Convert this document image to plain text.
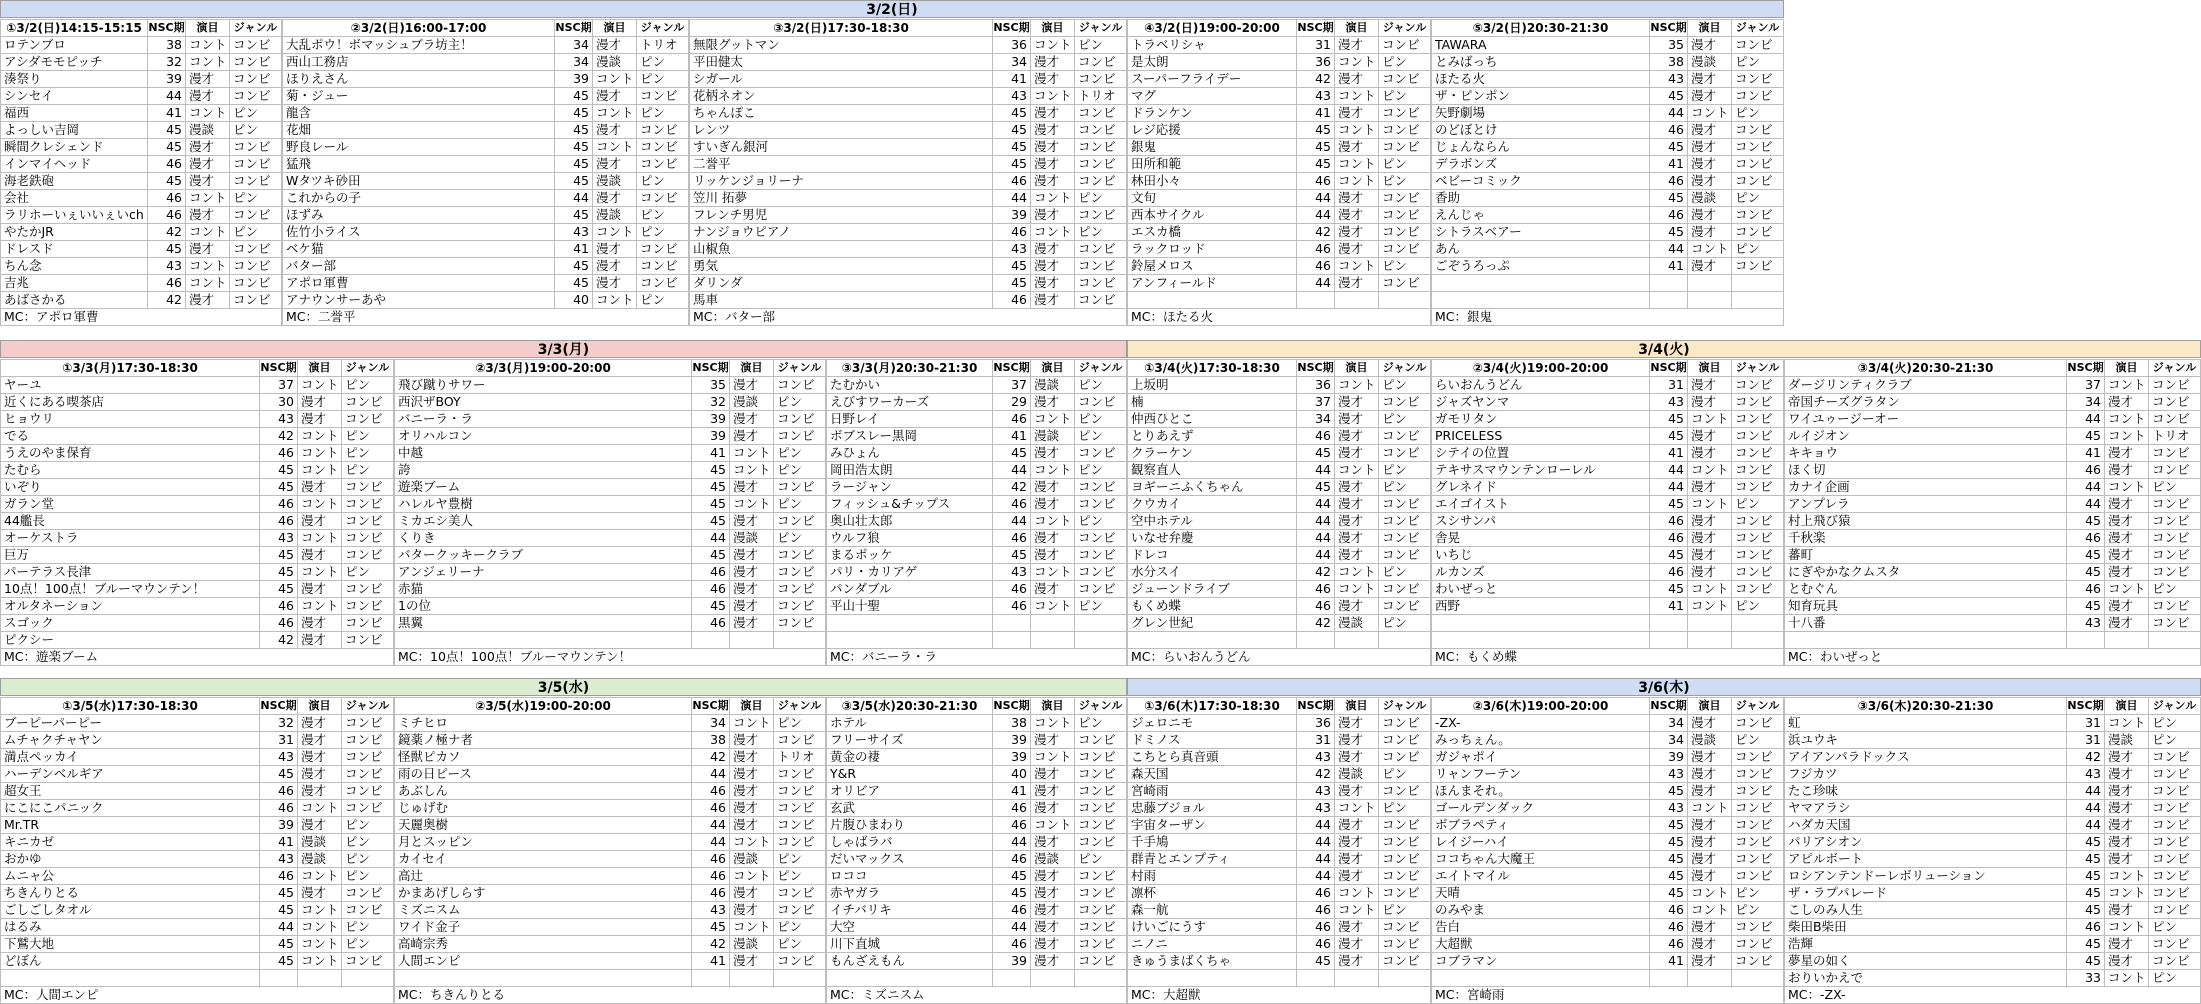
3/2(日)
3/3(月)	3/4(火)
3/5(水)	3/6(木)
①3/2(日)14:15-15:15	NSC期	演目	ジャンル
ロテンブロ	38	コント	コンビ
アシダモモピッチ	32	コント	コンビ
湊祭り	39	漫才	コンビ
シンセイ	44	漫才	コンビ
福西	41	コント	ピン
よっしい吉岡	45	漫談	ピン
瞬間クレシェンド	45	漫才	コンビ
インマイヘッド	46	漫才	コンビ
海老鉄砲	45	漫才	コンビ
会社	46	コント	ピン
ラリホーいぇいいぇいch	46	漫才	コンビ
やたかJR	42	コント	ピン
ドレスド	45	漫才	コンビ
ちん念	43	コント	コンビ
吉兆	46	コント	コンビ
あばさかる	42	漫才	コンビ
MC：アポロ軍曹			
②3/2(日)16:00-17:00	NSC期	演目	ジャンル
大乱ポウ！ボマッシュブラ坊主！	34	漫才	トリオ
西山工務店	34	漫談	ピン
ほりえさん	39	コント	ピン
菊・ジュー	45	漫才	コンビ
龍含	45	コント	ピン
花畑	45	漫才	コンビ
野良レール	45	コント	コンビ
猛飛	45	漫才	コンビ
Wタツキ砂田	45	漫談	ピン
これからの子	44	漫才	コンビ
ほずみ	45	漫談	ピン
佐竹小ライス	43	コント	ピン
ベケ猫	41	漫才	コンビ
バター部	45	漫才	コンビ
アポロ軍曹	45	漫才	コンビ
アナウンサーあや	40	コント	ピン
MC：二誉平			
③3/2(日)17:30-18:30	NSC期	演目	ジャンル
無限グットマン	36	コント	ピン
平田健太	34	漫才	コンビ
シガール	41	漫才	コンビ
花柄ネオン	43	コント	トリオ
ちゃんぽこ	45	漫才	コンビ
レンツ	45	漫才	コンビ
すいぎん銀河	45	漫才	コンビ
二誉平	45	漫才	コンビ
リッケンジョリーナ	46	漫才	コンビ
笠川 拓夢	44	コント	ピン
フレンチ男児	39	漫才	コンビ
ナンジョウピアノ	46	コント	ピン
山椒魚	43	漫才	コンビ
勇気	45	漫才	コンビ
ダリンダ	45	漫才	コンビ
馬車	46	漫才	コンビ
MC：バター部			
④3/2(日)19:00-20:00	NSC期	演目	ジャンル
トラベリシャ	31	漫才	コンビ
是太朗	36	コント	ピン
スーパーフライデー	42	漫才	コンビ
マグ	43	コント	ピン
ドランケン	41	漫才	コンビ
レジ応援	45	コント	コンビ
銀鬼	45	漫才	コンビ
田所和範	45	コント	ピン
林田小々	46	コント	ピン
文旬	44	漫才	コンビ
西本サイクル	44	漫才	コンビ
エスカ橋	42	漫才	コンビ
ラックロッド	46	漫才	コンビ
鈴屋メロス	46	コント	ピン
アンフィールド	44	漫才	コンビ

MC：ほたる火			
⑤3/2(日)20:30-21:30	NSC期	演目	ジャンル
TAWARA	35	漫才	コンビ
とみばっち	38	漫談	ピン
ほたる火	43	漫才	コンビ
ザ・ピンポン	45	漫才	コンビ
矢野劇場	44	コント	ピン
のどぼとけ	46	漫才	コンビ
じょんならん	45	漫才	コンビ
デラボンズ	41	漫才	コンビ
ベビーコミック	46	漫才	コンビ
香助	45	漫談	ピン
えんじゃ	46	漫才	コンビ
シトラスベアー	45	漫才	コンビ
あん	44	コント	ピン
ごぞうろっぷ	41	漫才	コンビ

MC：銀鬼			
①3/3(月)17:30-18:30	NSC期	演目	ジャンル
ヤーユ	37	コント	ピン
近くにある喫茶店	30	漫才	コンビ
ヒョウリ	43	漫才	コンビ
でる	42	コント	ピン
うえのやま保育	46	コント	ピン
たむら	45	コント	ピン
いぞり	45	漫才	コンビ
ガラン堂	46	コント	コンビ
44艦長	46	漫才	コンビ
オーケストラ	43	コント	コンビ
巨万	45	漫才	コンビ
パーテラス長津	45	コント	ピン
10点！100点！ブルーマウンテン！	45	漫才	コンビ
オルタネーション	46	コント	コンビ
スゴック	46	漫才	コンビ
ピクシー	42	漫才	コンビ
MC：遊楽ブーム			
②3/3(月)19:00-20:00	NSC期	演目	ジャンル
飛び蹴りサワー	35	漫才	コンビ
西沢ザBOY	32	漫談	ピン
バニーラ・ラ	39	漫才	コンビ
オリハルコン	39	漫才	コンビ
中越	41	コント	ピン
誇	45	コント	ピン
遊楽ブーム	45	漫才	コンビ
ハレルヤ豊樹	45	コント	ピン
ミカエシ美人	45	漫才	コンビ
くりき	44	漫談	ピン
バタークッキークラブ	45	漫才	コンビ
アンジェリーナ	46	漫才	コンビ
赤猫	46	漫才	コンビ
1の位	45	漫才	コンビ
黒翼	46	漫才	コンビ

MC：10点！100点！ブルーマウンテン！			
③3/3(月)20:30-21:30	NSC期	演目	ジャンル
たむかい	37	漫談	ピン
えびすワーカーズ	29	漫才	コンビ
日野レイ	46	コント	ピン
ボブスレー黒岡	41	漫談	ピン
みひょん	45	漫才	コンビ
岡田浩太朗	44	コント	ピン
ラージャン	42	漫才	コンビ
フィッシュ&チップス	46	漫才	コンビ
奥山壮太郎	44	コント	ピン
ウルフ狼	46	漫才	コンビ
まるポッケ	45	漫才	コンビ
パリ・カリアゲ	43	コント	コンビ
パンダブル	46	漫才	コンビ
平山十聖	46	コント	ピン

MC：バニーラ・ラ			
①3/4(火)17:30-18:30	NSC期	演目	ジャンル
上坂明	36	コント	ピン
楠	37	漫才	コンビ
仲西ひとこ	34	漫才	ピン
とりあえず	46	漫才	コンビ
クラーケン	45	漫才	コンビ
観察直人	44	コント	ピン
ヨギーニふくちゃん	45	漫才	ピン
クウカイ	44	漫才	コンビ
空中ホテル	44	漫才	コンビ
いなせ弁慶	44	漫才	コンビ
ドレコ	44	漫才	コンビ
水分スイ	42	コント	ピン
ジューンドライブ	46	コント	コンビ
もくめ蝶	46	漫才	コンビ
グレン世紀	42	漫談	ピン

MC：らいおんうどん			
②3/4(火)19:00-20:00	NSC期	演目	ジャンル
らいおんうどん	31	漫才	コンビ
ジャズヤンマ	43	漫才	コンビ
ガモリタン	45	コント	コンビ
PRICELESS	45	漫才	コンビ
シテイの位置	41	漫才	コンビ
テキサスマウンテンローレル	44	コント	コンビ
グレネイド	44	漫才	コンビ
エイゴイスト	45	コント	ピン
スシサンパ	46	漫才	コンビ
舎晃	46	漫才	コンビ
いちじ	45	漫才	コンビ
ルカンズ	46	漫才	コンビ
わいぜっと	45	コント	コンビ
西野	41	コント	ピン

MC：もくめ蝶			
③3/4(火)20:30-21:30	NSC期	演目	ジャンル
ダージリンティクラブ	37	コント	コンビ
帝国チーズグラタン	34	漫才	コンビ
ワイユゥージーオー	44	コント	コンビ
ルイジオン	45	コント	トリオ
キキョウ	41	漫才	コンビ
ほく切	46	漫才	コンビ
カナイ企画	44	コント	ピン
アンプレラ	44	漫才	コンビ
村上飛び猿	45	漫才	コンビ
千秋楽	46	漫才	コンビ
蕃町	45	漫才	コンビ
にぎやかなクムスタ	45	漫才	コンビ
とむぐん	46	コント	ピン
知育玩具	45	漫才	コンビ
十八番	43	漫才	コンビ

MC：わいぜっと			
①3/5(水)17:30-18:30	NSC期	演目	ジャンル
ブーピーパーピー	32	漫才	コンビ
ムチャクチャヤン	31	漫才	コンビ
満点ペッカイ	43	漫才	コンビ
ハーデンベルギア	45	漫才	コンビ
超女王	46	漫才	コンビ
にこにこパニック	46	コント	コンビ
Mr.TR	39	漫才	ピン
キニカゼ	41	漫談	ピン
おかゆ	43	漫談	ピン
ムニャ公	46	コント	ピン
ちきんりとる	45	漫才	コンビ
ごしごしタオル	45	コント	コンビ
はるみ	44	コント	ピン
下鷲大地	45	コント	ピン
どぼん	45	コント	コンビ

MC：人間エンピ			
②3/5(水)19:00-20:00	NSC期	演目	ジャンル
ミチヒロ	34	コント	ピン
鏡薬ノ極ナ者	38	漫才	コンビ
怪獣ピカソ	42	漫才	トリオ
雨の日ピース	44	漫才	コンビ
あぶしん	46	漫才	コンビ
じゅげむ	46	漫才	コンビ
天麗奥樹	44	漫才	コンビ
月とスッピン	44	コント	コンビ
カイセイ	46	漫談	ピン
高辻	46	コント	ピン
かまあげしらす	46	漫才	コンビ
ミズニスム	43	漫才	コンビ
ワイド金子	45	コント	ピン
高崎宗秀	42	漫談	ピン
人間エンピ	41	漫才	コンビ

MC：ちきんりとる			
③3/5(水)20:30-21:30	NSC期	演目	ジャンル
ホテル	38	コント	ピン
フリーサイズ	39	漫才	コンビ
黄金の褄	39	コント	コンビ
Y&R	40	漫才	コンビ
オリビア	41	漫才	コンビ
玄武	46	漫才	コンビ
片腹ひまわり	46	コント	コンビ
しゃばラバ	44	漫才	コンビ
だいマックス	46	漫談	ピン
ロココ	45	漫才	コンビ
赤ヤガラ	45	漫才	コンビ
イチバリキ	46	漫才	コンビ
大空	44	漫才	コンビ
川下直城	46	漫才	コンビ
もんざえもん	39	漫才	コンビ

MC：ミズニスム			
①3/6(木)17:30-18:30	NSC期	演目	ジャンル
ジェロニモ	36	漫才	コンビ
ドミノス	31	漫才	コンビ
こちとら真音頭	43	漫才	コンビ
森天国	42	漫談	ピン
宮崎雨	43	漫才	コンビ
忠藤ブジョル	43	コント	ピン
宇宙ターザン	44	漫才	コンビ
千手鳩	44	漫才	コンビ
群青とエンプティ	44	漫才	コンビ
村雨	44	漫才	コンビ
凛杯	46	コント	コンビ
森一航	46	コント	ピン
けいごにうす	46	漫才	コンビ
ニノニ	46	漫才	コンビ
きゅうまばくちゃ	45	漫才	コンビ

MC：大超獣			
②3/6(木)19:00-20:00	NSC期	演目	ジャンル
-ZX-	34	漫才	コンビ
みっちぇん。	34	漫談	ピン
ガジャポイ	39	漫才	コンビ
リャンフーテン	43	漫才	コンビ
ほんまそれ。	45	漫才	コンビ
ゴールデンダック	43	コント	コンビ
ボブラペティ	45	漫才	コンビ
レイジーハイ	45	漫才	コンビ
ココちゃん大魔王	45	漫才	コンビ
エイトマイル	45	漫才	コンビ
天晴	45	コント	ピン
のみやま	46	コント	ピン
告白	46	漫才	コンビ
大超獣	46	漫才	コンビ
コブラマン	41	漫才	コンビ

MC：宮崎雨			
③3/6(木)20:30-21:30	NSC期	演目	ジャンル
虹	31	コント	ピン
浜ユウキ	31	漫談	ピン
アイアンパラドックス	42	漫才	コンビ
フジカツ	43	漫才	コンビ
たこ珍味	44	漫才	コンビ
ヤマアラシ	44	漫才	コンビ
ハダカ天国	44	漫才	コンビ
パリアシオン	45	漫才	コンビ
アピルボート	45	漫才	コンビ
ロシアンテンドーレボリューション	45	コント	コンビ
ザ・ラプパレード	45	コント	コンビ
こしのみ人生	45	漫才	コンビ
柴田B柴田	46	コント	ピン
浩輝	45	漫才	コンビ
夢星の如く	45	漫才	コンビ
おりいかえで	33	コント	ピン
MC：-ZX-			
